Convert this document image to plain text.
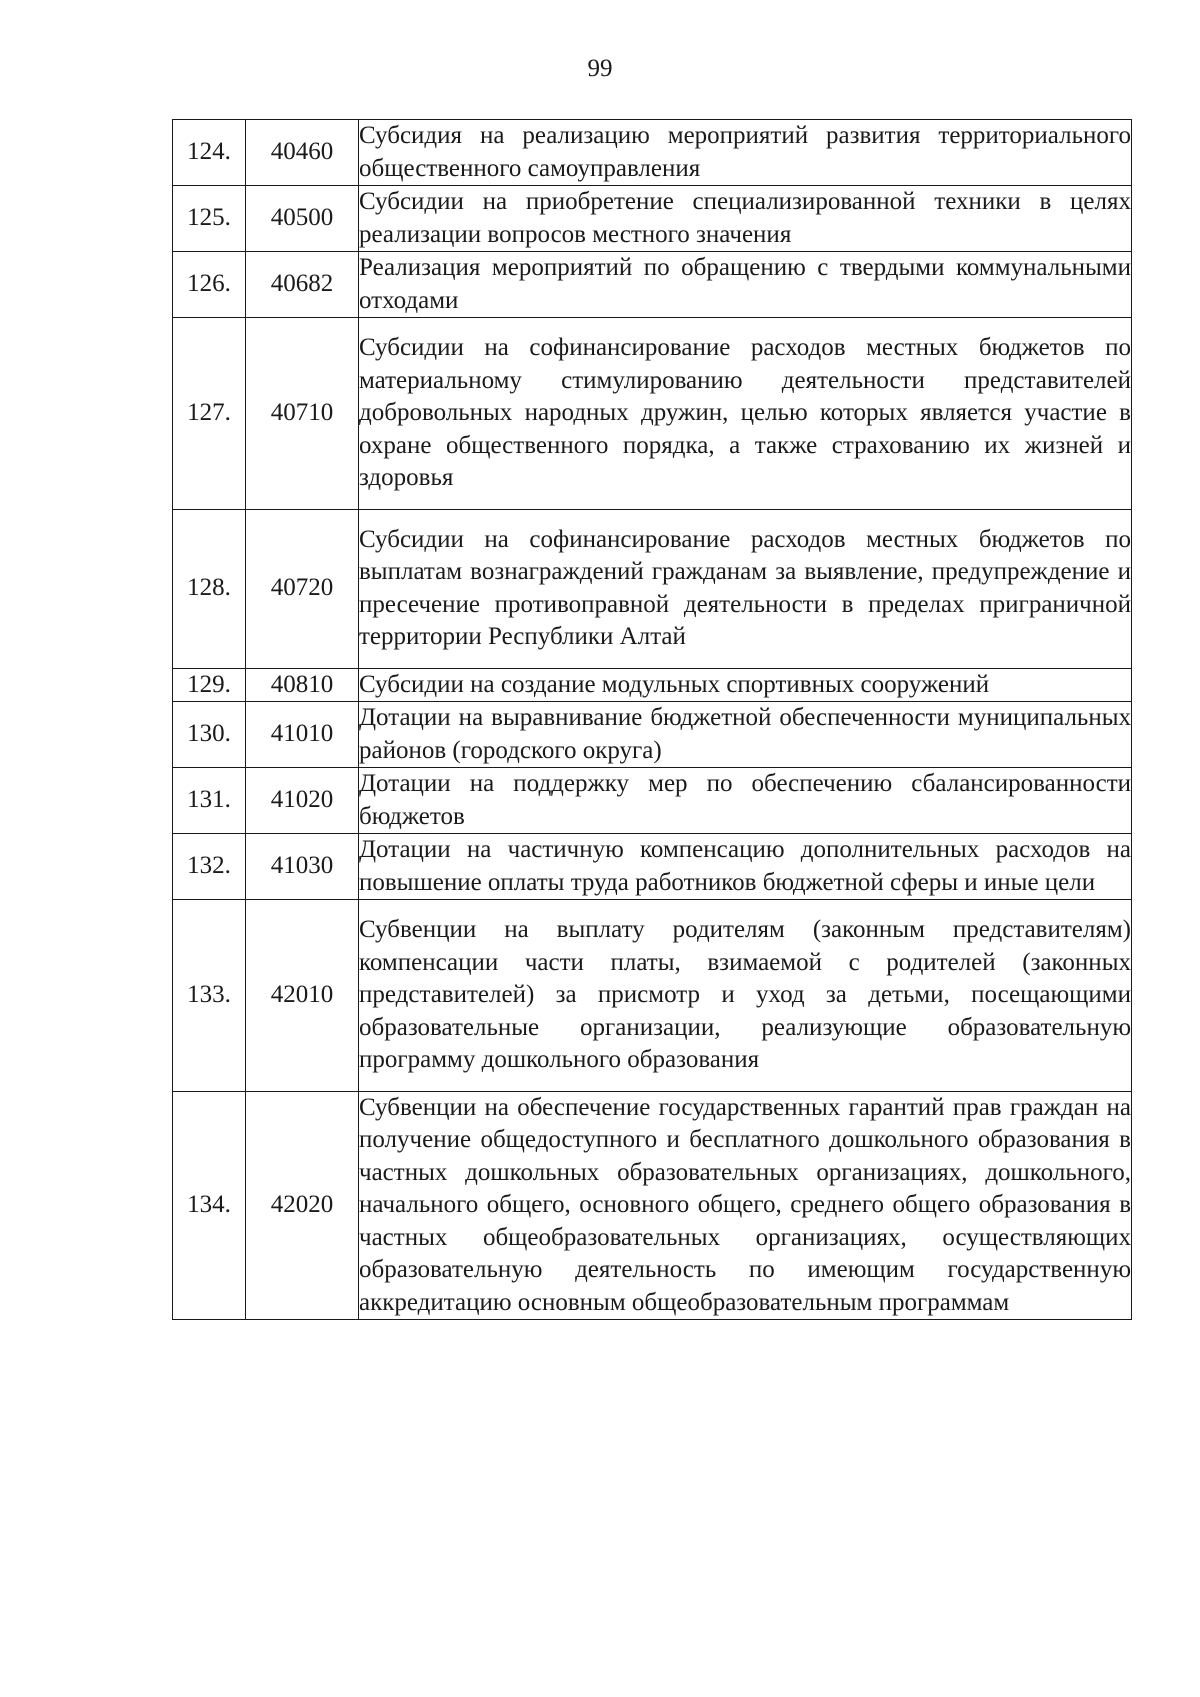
99
124.	40460	Субсидия на реализацию мероприятий развития территориального общественного самоуправления
125.	40500	Субсидии на приобретение специализированной техники в целях реализации вопросов местного значения
126.	40682	Реализация мероприятий по обращению с твердыми коммунальными отходами
127.	40710	Субсидии на софинансирование расходов местных бюджетов по материальному стимулированию деятельности представителей добровольных народных дружин, целью которых является участие в охране общественного порядка, а также страхованию их жизней и здоровья
128.	40720	Субсидии на софинансирование расходов местных бюджетов по выплатам вознаграждений гражданам за выявление, предупреждение и пресечение противоправной деятельности в пределах приграничной территории Республики Алтай
129.	40810	Субсидии на создание модульных спортивных сооружений
130.	41010	Дотации на выравнивание бюджетной обеспеченности муниципальных районов (городского округа)
131.	41020	Дотации на поддержку мер по обеспечению сбалансированности бюджетов
132.	41030	Дотации на частичную компенсацию дополнительных расходов на повышение оплаты труда работников бюджетной сферы и иные цели
133.	42010	Субвенции на выплату родителям (законным представителям) компенсации части платы, взимаемой с родителей (законных представителей) за присмотр и уход за детьми, посещающими образовательные организации, реализующие образовательную программу дошкольного образования
134.	42020	Субвенции на обеспечение государственных гарантий прав граждан на получение общедоступного и бесплатного дошкольного образования в частных дошкольных образовательных организациях, дошкольного, начального общего, основного общего, среднего общего образования в частных общеобразовательных организациях, осуществляющих образовательную деятельность по имеющим государственную аккредитацию основным общеобразовательным программам
